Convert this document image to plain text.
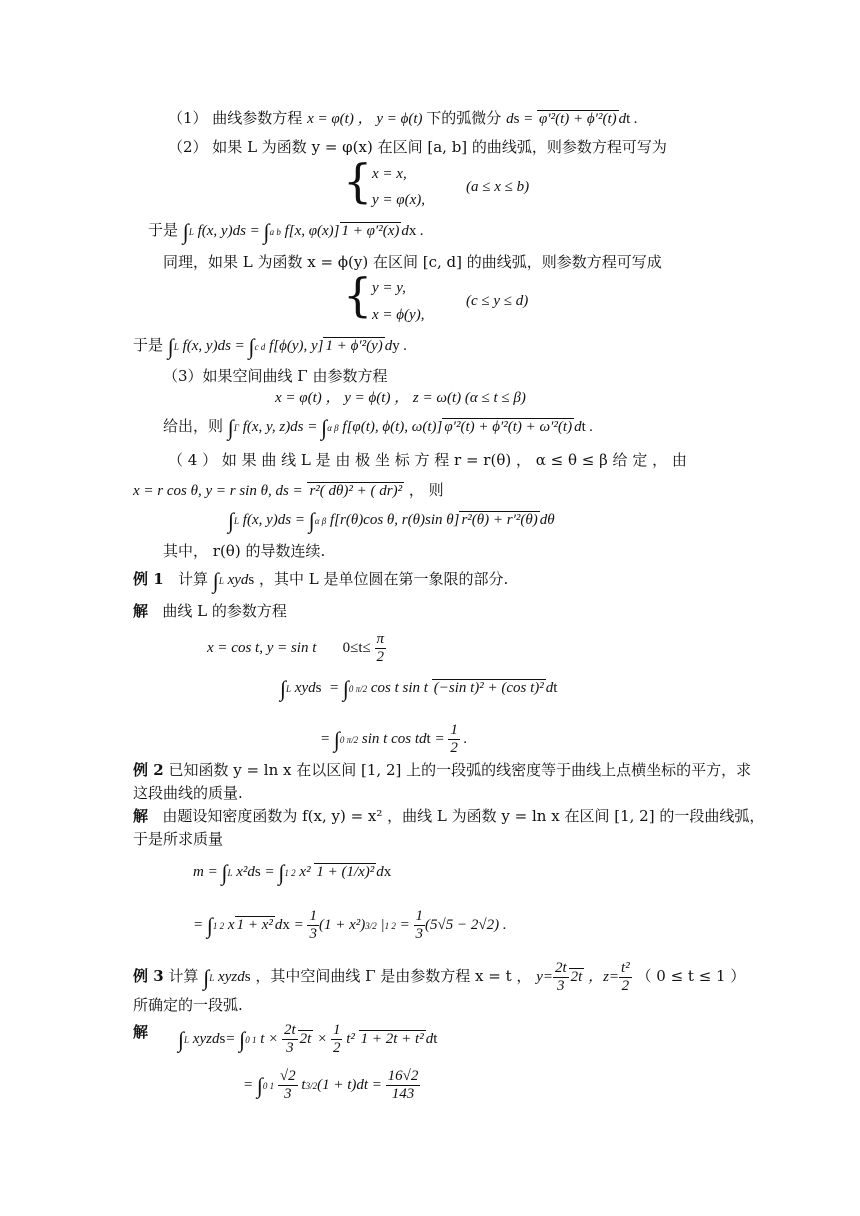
（1） 曲线参数方程 x = φ(t) ， y = ϕ(t) 下的弧微分 ds = φ′²(t) + ϕ′²(t) dt .
（2） 如果 L 为函数 y = φ(x) 在区间 [a, b] 的曲线弧，则参数方程可写为
{ x = x,
y = φ(x),
(a ≤ x ≤ b)
于是 ∫L f(x, y)ds = ∫a b f[x, φ(x)] 1 + φ′²(x) dx .
同理，如果 L 为函数 x = ϕ(y) 在区间 [c, d] 的曲线弧，则参数方程可写成
{ y = y,
x = ϕ(y),
(c ≤ y ≤ d)
于是 ∫L f(x, y)ds = ∫c d f[ϕ(y), y] 1 + ϕ′²(y) dy .
（3）如果空间曲线 Γ 由参数方程
x = φ(t) ， y = ϕ(t) ， z = ω(t) (α ≤ t ≤ β)
给出，则 ∫Γ f(x, y, z)ds = ∫α β f[φ(t), ϕ(t), ω(t)] φ′²(t) + ϕ′²(t) + ω′²(t) dt .
（ 4 ） 如 果 曲 线 L 是 由 极 坐 标 方 程 r = r(θ) ， α ≤ θ ≤ β 给 定 ， 由
x = r cos θ, y = r sin θ, ds = r²( dθ)² + ( dr)² ， 则
∫L f(x, y)ds = ∫α β f[r(θ)cos θ, r(θ)sin θ] r²(θ) + r′²(θ) dθ
其中， r(θ) 的导数连续.
例 1 计算 ∫L xyds ，其中 L 是单位圆在第一象限的部分.
解 曲线 L 的参数方程
x = cos t, y = sin t $0\le t\le \frac{\pi}{2}$
∫L xyds  = ∫0 π/2 cos t sin t (−sin t)² + (cos t)² dt
= ∫0 π/2 sin t cos tdt = $\frac{1}{2}$ .
例 2 已知函数 y = ln x 在以区间 [1, 2] 上的一段弧的线密度等于曲线上点横坐标的平方，求
这段曲线的质量.
解 由题设知密度函数为 f(x, y) = x² ，曲线 L 为函数 y = ln x 在区间 [1, 2] 的一段曲线弧，
于是所求质量
m = ∫L x²ds = ∫1 2 x² 1 + (1/x)² dx
= ∫1 2 x 1 + x² dx = $\frac{1}{3} (1 + x^2)3/2$ |1 $2 = \frac{1}{3} (5√5 - 2√2)$ .
例 3 计算 ∫L xyzds ，其中空间曲线 Γ 是由参数方程 x = t ， $y= \frac{2t}{3} 2t$ ，$z= \frac{\text{t²}}{2}$ （ 0 ≤ t ≤ 1 ）
所确定的一段弧.
解 ∫L xyzds= ∫0 1 $t \times \frac{2t}{3} 2t \times \frac{1}{2} t^2$ 1 + 2t + t² dt
= ∫0 $1 \frac{√2}{3} t3/2(1 + t)dt = \frac{16√2}{143}$
